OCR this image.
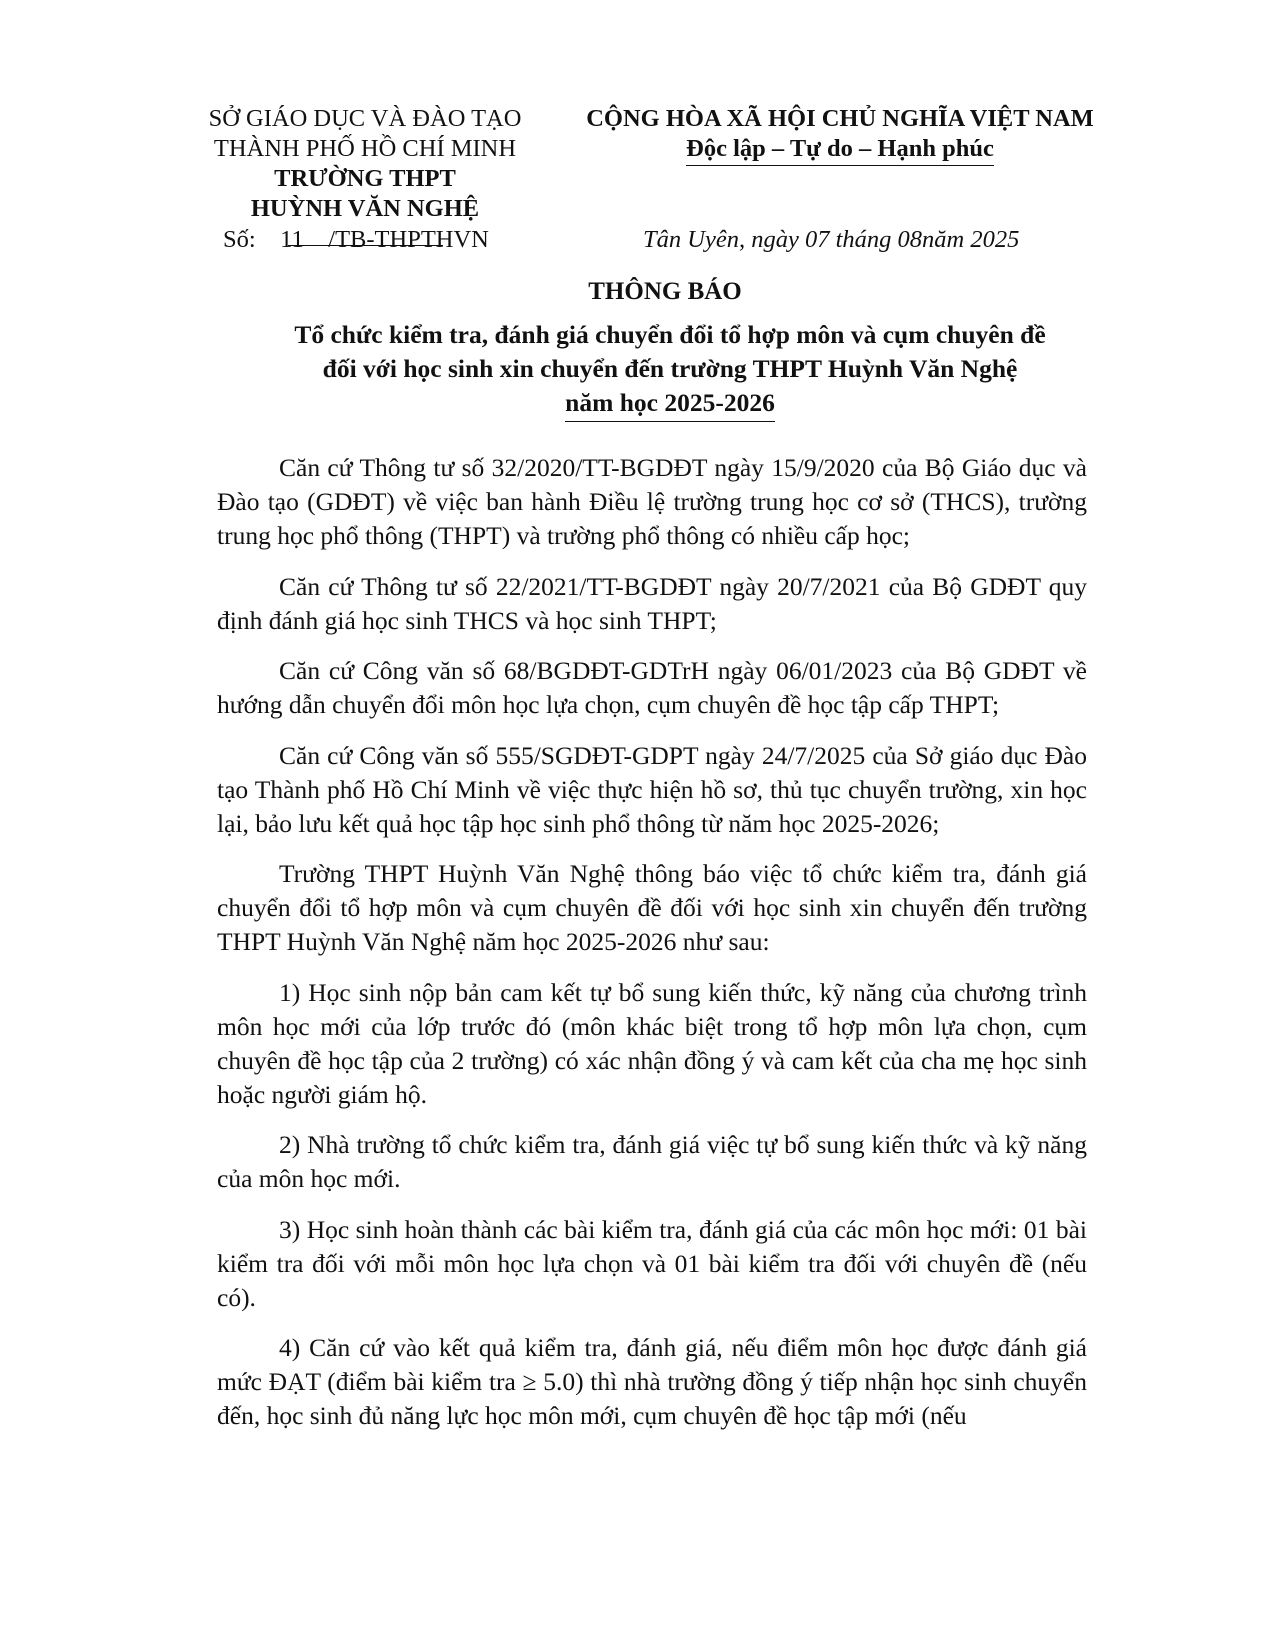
SỞ GIÁO DỤC VÀ ĐÀO TẠO
THÀNH PHỐ HỒ CHÍ MINH
TRƯỜNG THPT
HUỲNH VĂN NGHỆ
CỘNG HÒA XÃ HỘI CHỦ NGHĨA VIỆT NAM
Độc lập – Tự do – Hạnh phúc
Số:    11    /TB-THPTHVN	Tân Uyên, ngày 07 tháng 08năm 2025
THÔNG BÁO
Tổ chức kiểm tra, đánh giá chuyển đổi tổ hợp môn và cụm chuyên đề
đối với học sinh xin chuyển đến trường THPT Huỳnh Văn Nghệ
năm học 2025-2026

Căn cứ Thông tư số 32/2020/TT-BGDĐT ngày 15/9/2020 của Bộ Giáo dục và Đào tạo (GDĐT) về việc ban hành Điều lệ trường trung học cơ sở (THCS), trường trung học phổ thông (THPT) và trường phổ thông có nhiều cấp học;

Căn cứ Thông tư số 22/2021/TT-BGDĐT ngày 20/7/2021 của Bộ GDĐT quy định đánh giá học sinh THCS và học sinh THPT;

Căn cứ Công văn số 68/BGDĐT-GDTrH ngày 06/01/2023 của Bộ GDĐT về hướng dẫn chuyển đổi môn học lựa chọn, cụm chuyên đề học tập cấp THPT;

Căn cứ Công văn số 555/SGDĐT-GDPT ngày 24/7/2025 của Sở giáo dục Đào tạo Thành phố Hồ Chí Minh về việc thực hiện hồ sơ, thủ tục chuyển trường, xin học lại, bảo lưu kết quả học tập học sinh phổ thông từ năm học 2025-2026;

Trường THPT Huỳnh Văn Nghệ thông báo việc tổ chức kiểm tra, đánh giá chuyển đổi tổ hợp môn và cụm chuyên đề đối với học sinh xin chuyển đến trường THPT Huỳnh Văn Nghệ năm học 2025-2026 như sau:

1) Học sinh nộp bản cam kết tự bổ sung kiến thức, kỹ năng của chương trình môn học mới của lớp trước đó (môn khác biệt trong tổ hợp môn lựa chọn, cụm chuyên đề học tập của 2 trường) có xác nhận đồng ý và cam kết của cha mẹ học sinh hoặc người giám hộ.

2) Nhà trường tổ chức kiểm tra, đánh giá việc tự bổ sung kiến thức và kỹ năng của môn học mới.

3) Học sinh hoàn thành các bài kiểm tra, đánh giá của các môn học mới: 01 bài kiểm tra đối với mỗi môn học lựa chọn và 01 bài kiểm tra đối với chuyên đề (nếu có).

4) Căn cứ vào kết quả kiểm tra, đánh giá, nếu điểm môn học được đánh giá mức ĐẠT (điểm bài kiểm tra ≥ 5.0) thì nhà trường đồng ý tiếp nhận học sinh chuyển đến, học sinh đủ năng lực học môn mới, cụm chuyên đề học tập mới (nếu
